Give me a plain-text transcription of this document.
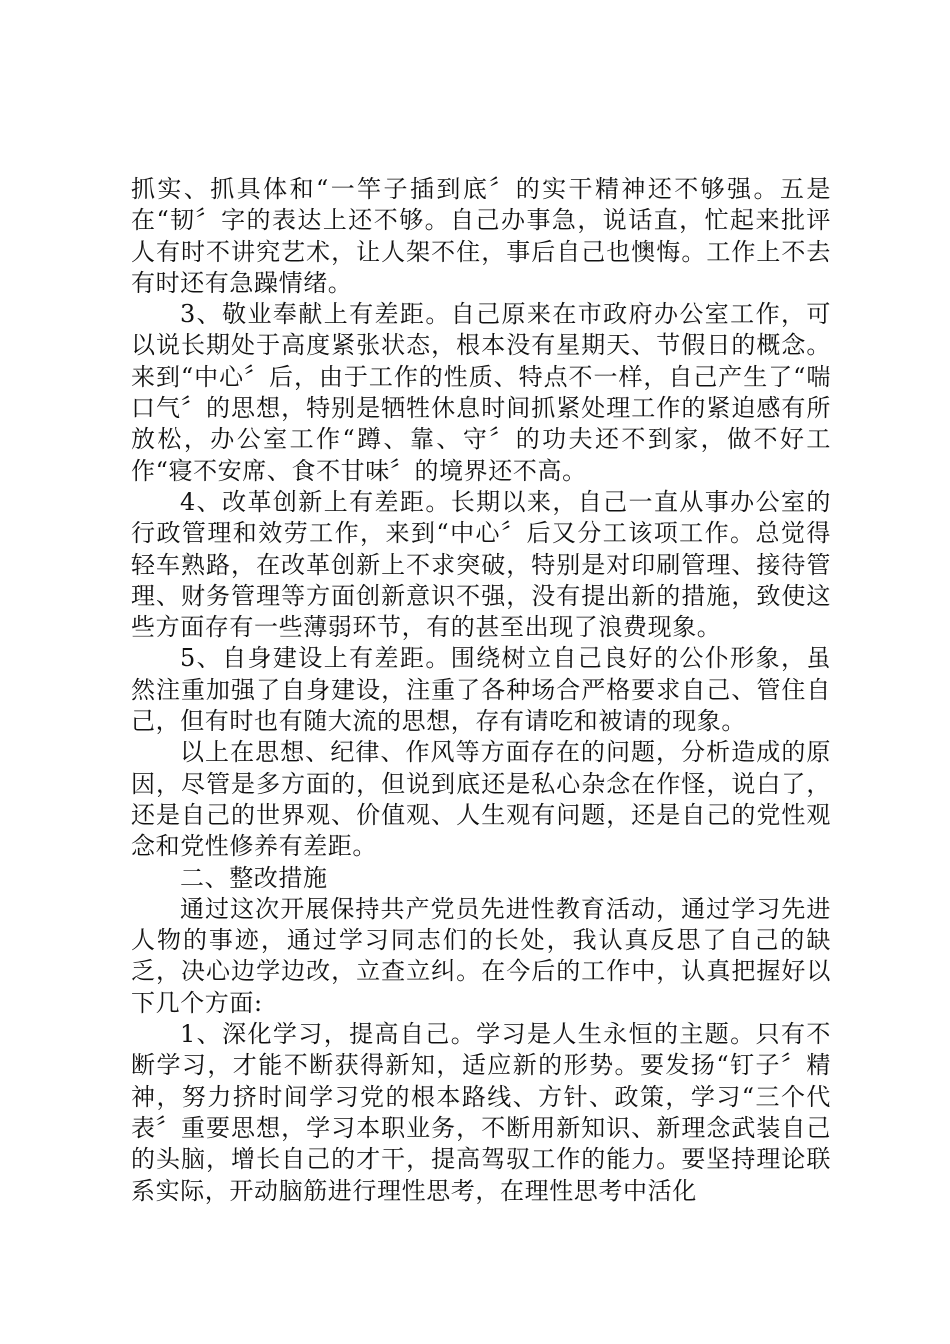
抓实、抓具体和“一竿子插到底〞的实干精神还不够强。五是在“韧〞字的表达上还不够。自己办事急，说话直，忙起来批评人有时不讲究艺术，让人架不住，事后自己也懊悔。工作上不去有时还有急躁情绪。

3、敬业奉献上有差距。自己原来在市政府办公室工作，可以说长期处于高度紧张状态，根本没有星期天、节假日的概念。来到“中心〞后，由于工作的性质、特点不一样，自己产生了“喘口气〞的思想，特别是牺牲休息时间抓紧处理工作的紧迫感有所放松，办公室工作“蹲、靠、守〞的功夫还不到家，做不好工作“寝不安席、食不甘味〞的境界还不高。

4、改革创新上有差距。长期以来，自己一直从事办公室的行政管理和效劳工作，来到“中心〞后又分工该项工作。总觉得轻车熟路，在改革创新上不求突破，特别是对印刷管理、接待管理、财务管理等方面创新意识不强，没有提出新的措施，致使这些方面存有一些薄弱环节，有的甚至出现了浪费现象。

5、自身建设上有差距。围绕树立自己良好的公仆形象，虽然注重加强了自身建设，注重了各种场合严格要求自己、管住自己，但有时也有随大流的思想，存有请吃和被请的现象。

以上在思想、纪律、作风等方面存在的问题，分析造成的原因，尽管是多方面的，但说到底还是私心杂念在作怪，说白了，还是自己的世界观、价值观、人生观有问题，还是自己的党性观念和党性修养有差距。

二、整改措施

通过这次开展保持共产党员先进性教育活动，通过学习先进人物的事迹，通过学习同志们的长处，我认真反思了自己的缺乏，决心边学边改，立查立纠。在今后的工作中，认真把握好以下几个方面:

1、深化学习，提高自己。学习是人生永恒的主题。只有不断学习，才能不断获得新知，适应新的形势。要发扬“钉子〞精神，努力挤时间学习党的根本路线、方针、政策，学习“三个代表〞重要思想，学习本职业务，不断用新知识、新理念武装自己的头脑，增长自己的才干，提高驾驭工作的能力。要坚持理论联系实际，开动脑筋进行理性思考，在理性思考中活化
